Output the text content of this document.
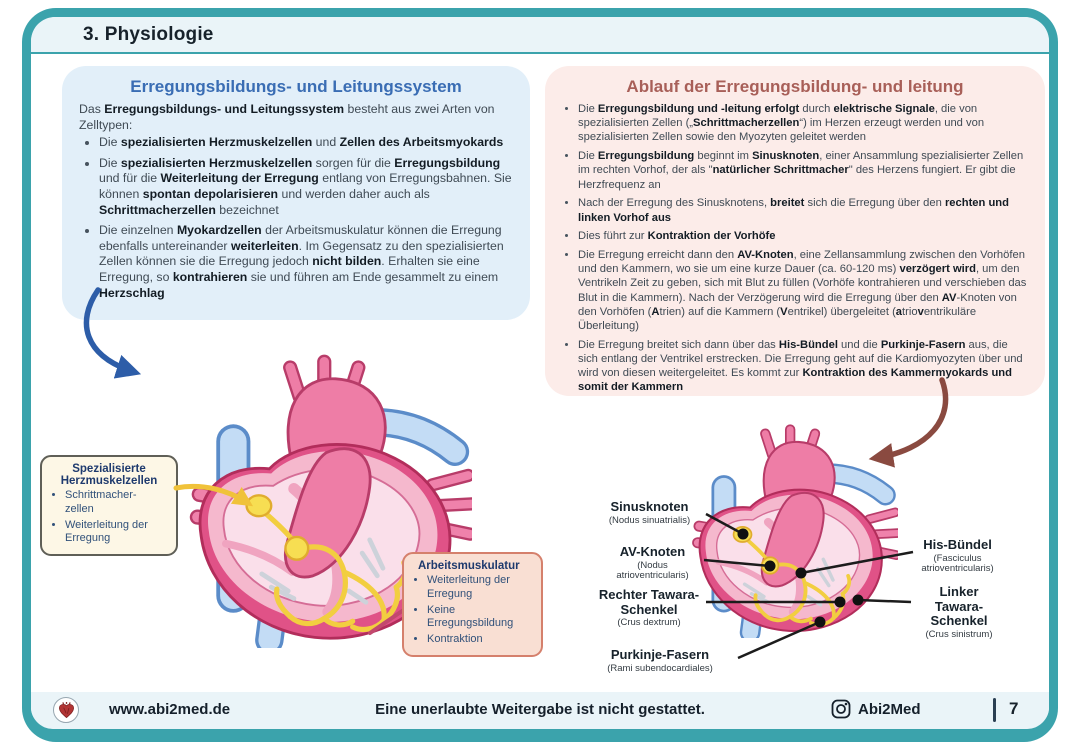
3. Physiologie
Erregungsbildungs- und Leitungssystem

Das Erregungsbildungs- und Leitungssystem besteht aus zwei Arten von Zelltypen:

• Die spezialisierten Herzmuskelzellen und Zellen des Arbeitsmyokards
• Die spezialisierten Herzmuskelzellen sorgen für die Erregungsbildung und für die Weiterleitung der Erregung entlang von Erregungsbahnen. Sie können spontan depolarisieren und werden daher auch als Schrittmacherzellen bezeichnet
• Die einzelnen Myokardzellen der Arbeitsmuskulatur können die Erregung ebenfalls untereinander weiterleiten. Im Gegensatz zu den spezialisierten Zellen können sie die Erregung jedoch nicht bilden. Erhalten sie eine Erregung, so kontrahieren sie und führen am Ende gesammelt zu einem Herzschlag
Ablauf der Erregungsbildung- und leitung
• Die Erregungsbildung und -leitung erfolgt durch elektrische Signale, die von spezialisierten Zellen („Schrittmacherzellen“) im Herzen erzeugt werden und von spezialisierten Zellen sowie den Myozyten geleitet werden
• Die Erregungsbildung beginnt im Sinusknoten, einer Ansammlung spezialisierter Zellen im rechten Vorhof, der als "natürlicher Schrittmacher" des Herzens fungiert. Er gibt die Herzfrequenz an
• Nach der Erregung des Sinusknotens, breitet sich die Erregung über den rechten und linken Vorhof aus
• Dies führt zur Kontraktion der Vorhöfe
• Die Erregung erreicht dann den AV-Knoten, eine Zellansammlung zwischen den Vorhöfen und den Kammern, wo sie um eine kurze Dauer (ca. 60-120 ms) verzögert wird, um den Ventrikeln Zeit zu geben, sich mit Blut zu füllen (Vorhöfe kontrahieren und verschieben das Blut in die Kammern). Nach der Verzögerung wird die Erregung über den AV-Knoten von den Vorhöfen (Atrien) auf die Kammern (Ventrikel) übergeleitet (atrioventrikuläre Überleitung)
• Die Erregung breitet sich dann über das His-Bündel und die Purkinje-Fasern aus, die sich entlang der Ventrikel erstrecken. Die Erregung geht auf die Kardiomyozyten über und wird von diesen weitergeleitet. Es kommt zur Kontraktion des Kammermyokards und somit der Kammern
Spezialisierte Herzmuskelzellen
• Schrittmacher- zellen
• Weiterleitung der Erregung
Arbeitsmuskulatur
• Weiterleitung der Erregung
• Keine Erregungsbildung
• Kontraktion
Sinusknoten
(Nodus sinuatrialis)
AV-Knoten
(Nodus atrioventricularis)
Rechter Tawara-Schenkel
(Crus dextrum)
Purkinje-Fasern
(Rami subendocardiales)
His-Bündel
(Fasciculus atrioventricularis)
Linker Tawara-Schenkel
(Crus sinistrum)
www.abi2med.de	Eine unerlaubte Weitergabe ist nicht gestattet.	Abi2Med	7
